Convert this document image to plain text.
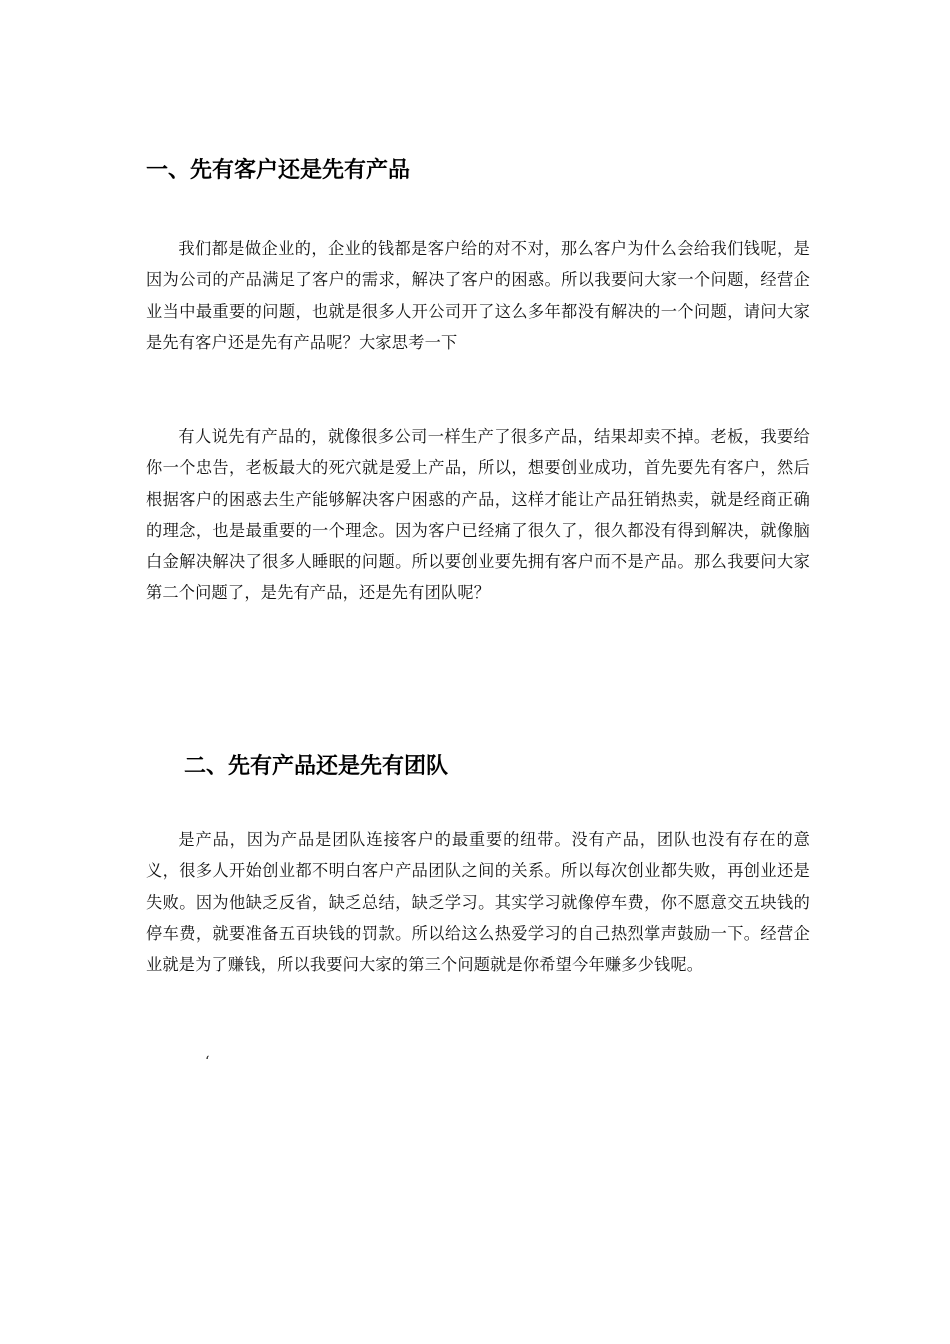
一、先有客户还是先有产品

我们都是做企业的，企业的钱都是客户给的对不对，那么客户为什么会给我们钱呢，是因为公司的产品满足了客户的需求，解决了客户的困惑。所以我要问大家一个问题，经营企业当中最重要的问题，也就是很多人开公司开了这么多年都没有解决的一个问题，请问大家是先有客户还是先有产品呢？大家思考一下

有人说先有产品的，就像很多公司一样生产了很多产品，结果却卖不掉。老板，我要给你一个忠告，老板最大的死穴就是爱上产品，所以，想要创业成功，首先要先有客户，然后根据客户的困惑去生产能够解决客户困惑的产品，这样才能让产品狂销热卖，就是经商正确的理念，也是最重要的一个理念。因为客户已经痛了很久了，很久都没有得到解决，就像脑白金解决解决了很多人睡眠的问题。所以要创业要先拥有客户而不是产品。那么我要问大家第二个问题了，是先有产品，还是先有团队呢？

二、先有产品还是先有团队

是产品，因为产品是团队连接客户的最重要的纽带。没有产品，团队也没有存在的意义，很多人开始创业都不明白客户产品团队之间的关系。所以每次创业都失败，再创业还是失败。因为他缺乏反省，缺乏总结，缺乏学习。其实学习就像停车费，你不愿意交五块钱的停车费，就要准备五百块钱的罚款。所以给这么热爱学习的自己热烈掌声鼓励一下。经营企业就是为了赚钱，所以我要问大家的第三个问题就是你希望今年赚多少钱呢。

‘
